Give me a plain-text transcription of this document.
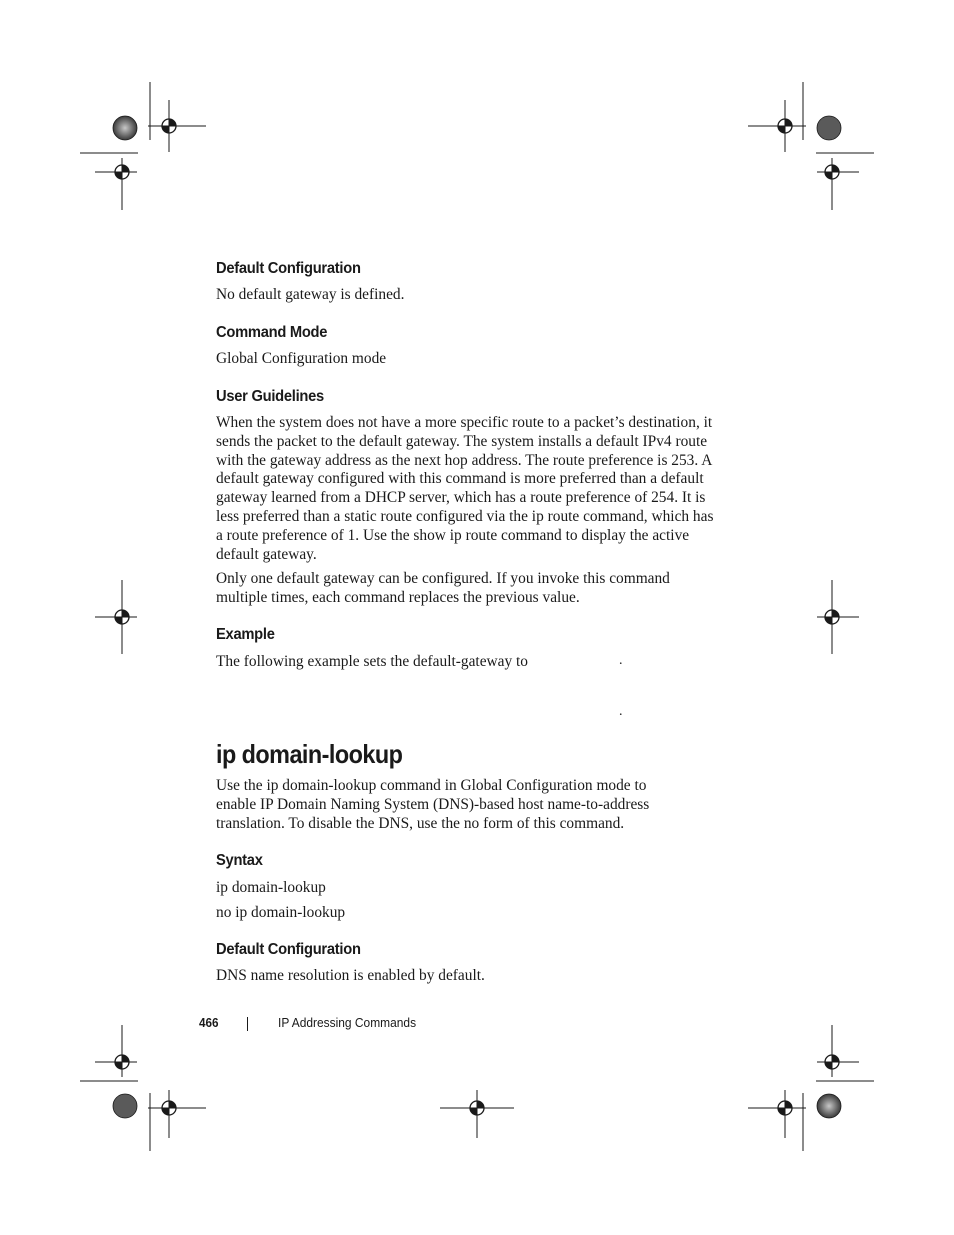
Default Configuration

No default gateway is defined.

Command Mode

Global Configuration mode

User Guidelines

When the system does not have a more specific route to a packet’s destination, it sends the packet to the default gateway. The system installs a default IPv4 route with the gateway address as the next hop address. The route preference is 253. A default gateway configured with this command is more preferred than a default gateway learned from a DHCP server, which has a route preference of 254. It is less preferred than a static route configured via the ip route command, which has a route preference of 1. Use the show ip route command to display the active default gateway.

Only one default gateway can be configured. If you invoke this command multiple times, each command replaces the previous value.

Example

The following example sets the default-gateway to	.
.
ip domain-lookup

Use the ip domain-lookup command in Global Configuration mode to enable IP Domain Naming System (DNS)-based host name-to-address translation. To disable the DNS, use the no form of this command.

Syntax

ip domain-lookup

no ip domain-lookup

Default Configuration

DNS name resolution is enabled by default.

466	IP Addressing Commands
